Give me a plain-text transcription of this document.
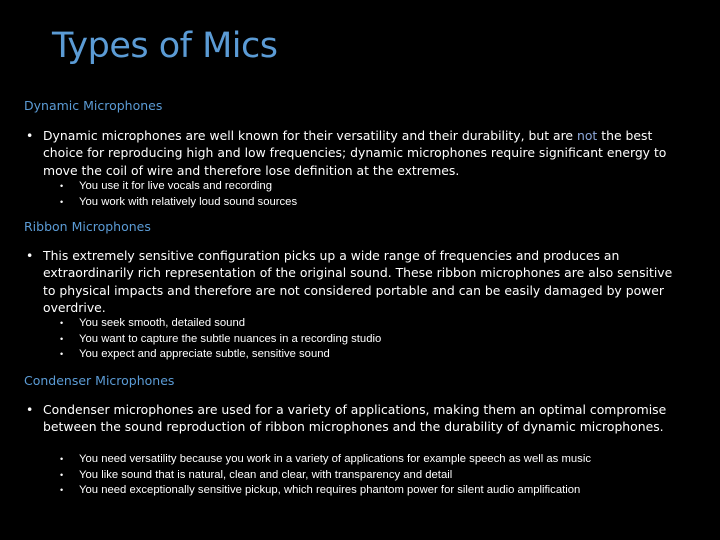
Types of Mics
Dynamic Microphones
• Dynamic microphones are well known for their versatility and their durability, but are not the best choice for reproducing high and low frequencies; dynamic microphones require significant energy to move the coil of wire and therefore lose definition at the extremes.
• You use it for live vocals and recording
• You work with relatively loud sound sources
Ribbon Microphones
• This extremely sensitive configuration picks up a wide range of frequencies and produces an extraordinarily rich representation of the original sound. These ribbon microphones are also sensitive to physical impacts and therefore are not considered portable and can be easily damaged by power overdrive.
• You seek smooth, detailed sound
• You want to capture the subtle nuances in a recording studio
• You expect and appreciate subtle, sensitive sound
Condenser Microphones
• Condenser microphones are used for a variety of applications, making them an optimal compromise between the sound reproduction of ribbon microphones and the durability of dynamic microphones.
• You need versatility because you work in a variety of applications for example speech as well as music
• You like sound that is natural, clean and clear, with transparency and detail
• You need exceptionally sensitive pickup, which requires phantom power for silent audio amplification
